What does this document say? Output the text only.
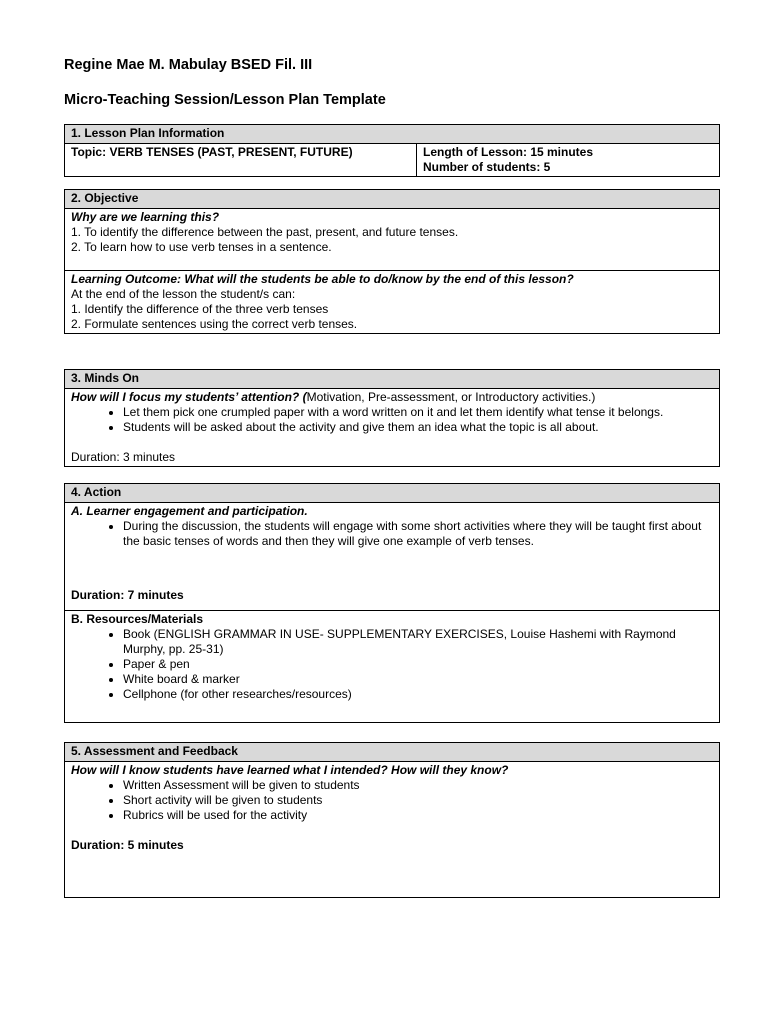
Regine Mae M. Mabulay BSED Fil. III
Micro-Teaching Session/Lesson Plan Template
1. Lesson Plan Information
Topic: VERB TENSES (PAST, PRESENT, FUTURE)	Length of Lesson: 15 minutes
Number of students: 5
2. Objective

Why are we learning this?
1. To identify the difference between the past, present, and future tenses.
2. To learn how to use verb tenses in a sentence.

Learning Outcome: What will the students be able to do/know by the end of this lesson?
At the end of the lesson the student/s can:
1. Identify the difference of the three verb tenses
2. Formulate sentences using the correct verb tenses.
3. Minds On

How will I focus my students’ attention? (Motivation, Pre-assessment, or Introductory activities.)
• Let them pick one crumpled paper with a word written on it and let them identify what tense it belongs.
• Students will be asked about the activity and give them an idea what the topic is all about.
Duration: 3 minutes
4. Action

A. Learner engagement and participation.
• During the discussion, the students will engage with some short activities where they will be taught first about the basic tenses of words and then they will give one example of verb tenses.
Duration: 7 minutes

B. Resources/Materials
• Book (ENGLISH GRAMMAR IN USE- SUPPLEMENTARY EXERCISES, Louise Hashemi with Raymond Murphy, pp. 25-31)
• Paper & pen
• White board & marker
• Cellphone (for other researches/resources)
5. Assessment and Feedback

How will I know students have learned what I intended? How will they know?
• Written Assessment will be given to students
• Short activity will be given to students
• Rubrics will be used for the activity
Duration: 5 minutes
